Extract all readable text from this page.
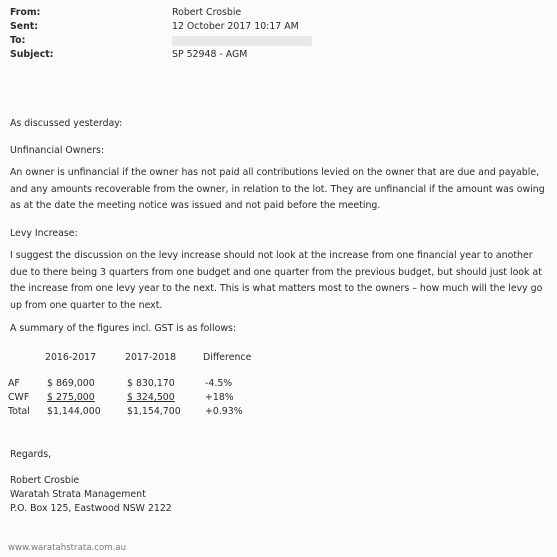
From:	Robert Crosbie
Sent:	12 October 2017 10:17 AM
To:
Subject:	SP 52948 - AGM
As discussed yesterday:
Unfinancial Owners:
An owner is unfinancial if the owner has not paid all contributions levied on the owner that are due and payable, and any amounts recoverable from the owner, in relation to the lot. They are unfinancial if the amount was owing as at the date the meeting notice was issued and not paid before the meeting.
Levy Increase:
I suggest the discussion on the levy increase should not look at the increase from one financial year to another due to there being 3 quarters from one budget and one quarter from the previous budget, but should just look at the increase from one levy year to the next. This is what matters most to the owners – how much will the levy go up from one quarter to the next.
A summary of the figures incl. GST is as follows:
2016-2017	2017-2018	Difference
AF	$ 869,000	$ 830,170	-4.5%
CWF $ 275,000	$ 324,500	+18%
Total $1,144,000	$1,154,700	+0.93%
Regards,
Robert Crosbie
Waratah Strata Management
P.O. Box 125, Eastwood NSW 2122
www.waratahstrata.com.au
